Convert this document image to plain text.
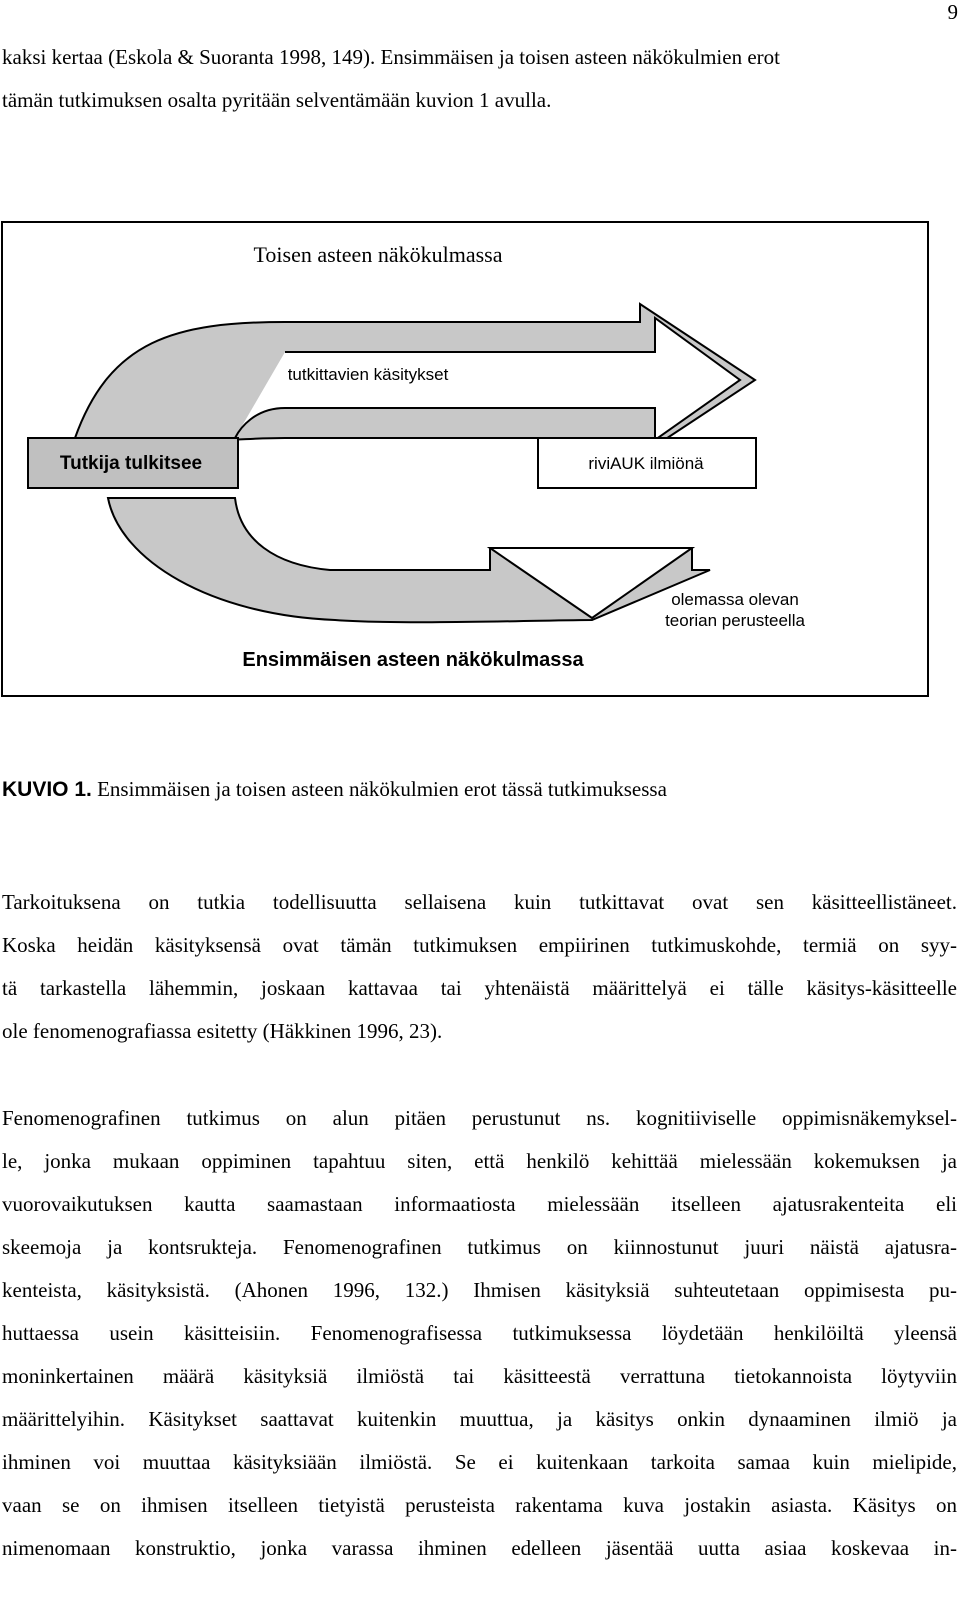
9
kaksi kertaa (Eskola & Suoranta 1998, 149). Ensimmäisen ja toisen asteen näkökulmien erot
tämän tutkimuksen osalta pyritään selventämään kuvion 1 avulla.
Toisen asteen näkökulmassa
tutkittavien käsitykset
Tutkija tulkitsee	riviAUK ilmiönä
olemassa olevan
teorian perusteella
Ensimmäisen asteen näkökulmassa
KUVIO 1. Ensimmäisen ja toisen asteen näkökulmien erot tässä tutkimuksessa
Tarkoituksena on tutkia todellisuutta sellaisena kuin tutkittavat ovat sen käsitteellistäneet.
Koska heidän käsityksensä ovat tämän tutkimuksen empiirinen tutkimuskohde, termiä on syy-
tä tarkastella lähemmin, joskaan kattavaa tai yhtenäistä määrittelyä ei tälle käsitys-käsitteelle
ole fenomenografiassa esitetty (Häkkinen 1996, 23).
Fenomenografinen tutkimus on alun pitäen perustunut ns. kognitiiviselle oppimisnäkemyksel-
le, jonka mukaan oppiminen tapahtuu siten, että henkilö kehittää mielessään kokemuksen ja
vuorovaikutuksen kautta saamastaan informaatiosta mielessään itselleen ajatusrakenteita eli
skeemoja ja kontsrukteja. Fenomenografinen tutkimus on kiinnostunut juuri näistä ajatusra-
kenteista, käsityksistä. (Ahonen 1996, 132.) Ihmisen käsityksiä suhteutetaan oppimisesta pu-
huttaessa usein käsitteisiin. Fenomenografisessa tutkimuksessa löydetään henkilöiltä yleensä
moninkertainen määrä käsityksiä ilmiöstä tai käsitteestä verrattuna tietokannoista löytyviin
määrittelyihin. Käsitykset saattavat kuitenkin muuttua, ja käsitys onkin dynaaminen ilmiö ja
ihminen voi muuttaa käsityksiään ilmiöstä. Se ei kuitenkaan tarkoita samaa kuin mielipide,
vaan se on ihmisen itselleen tietyistä perusteista rakentama kuva jostakin asiasta. Käsitys on
nimenomaan konstruktio, jonka varassa ihminen edelleen jäsentää uutta asiaa koskevaa in-
